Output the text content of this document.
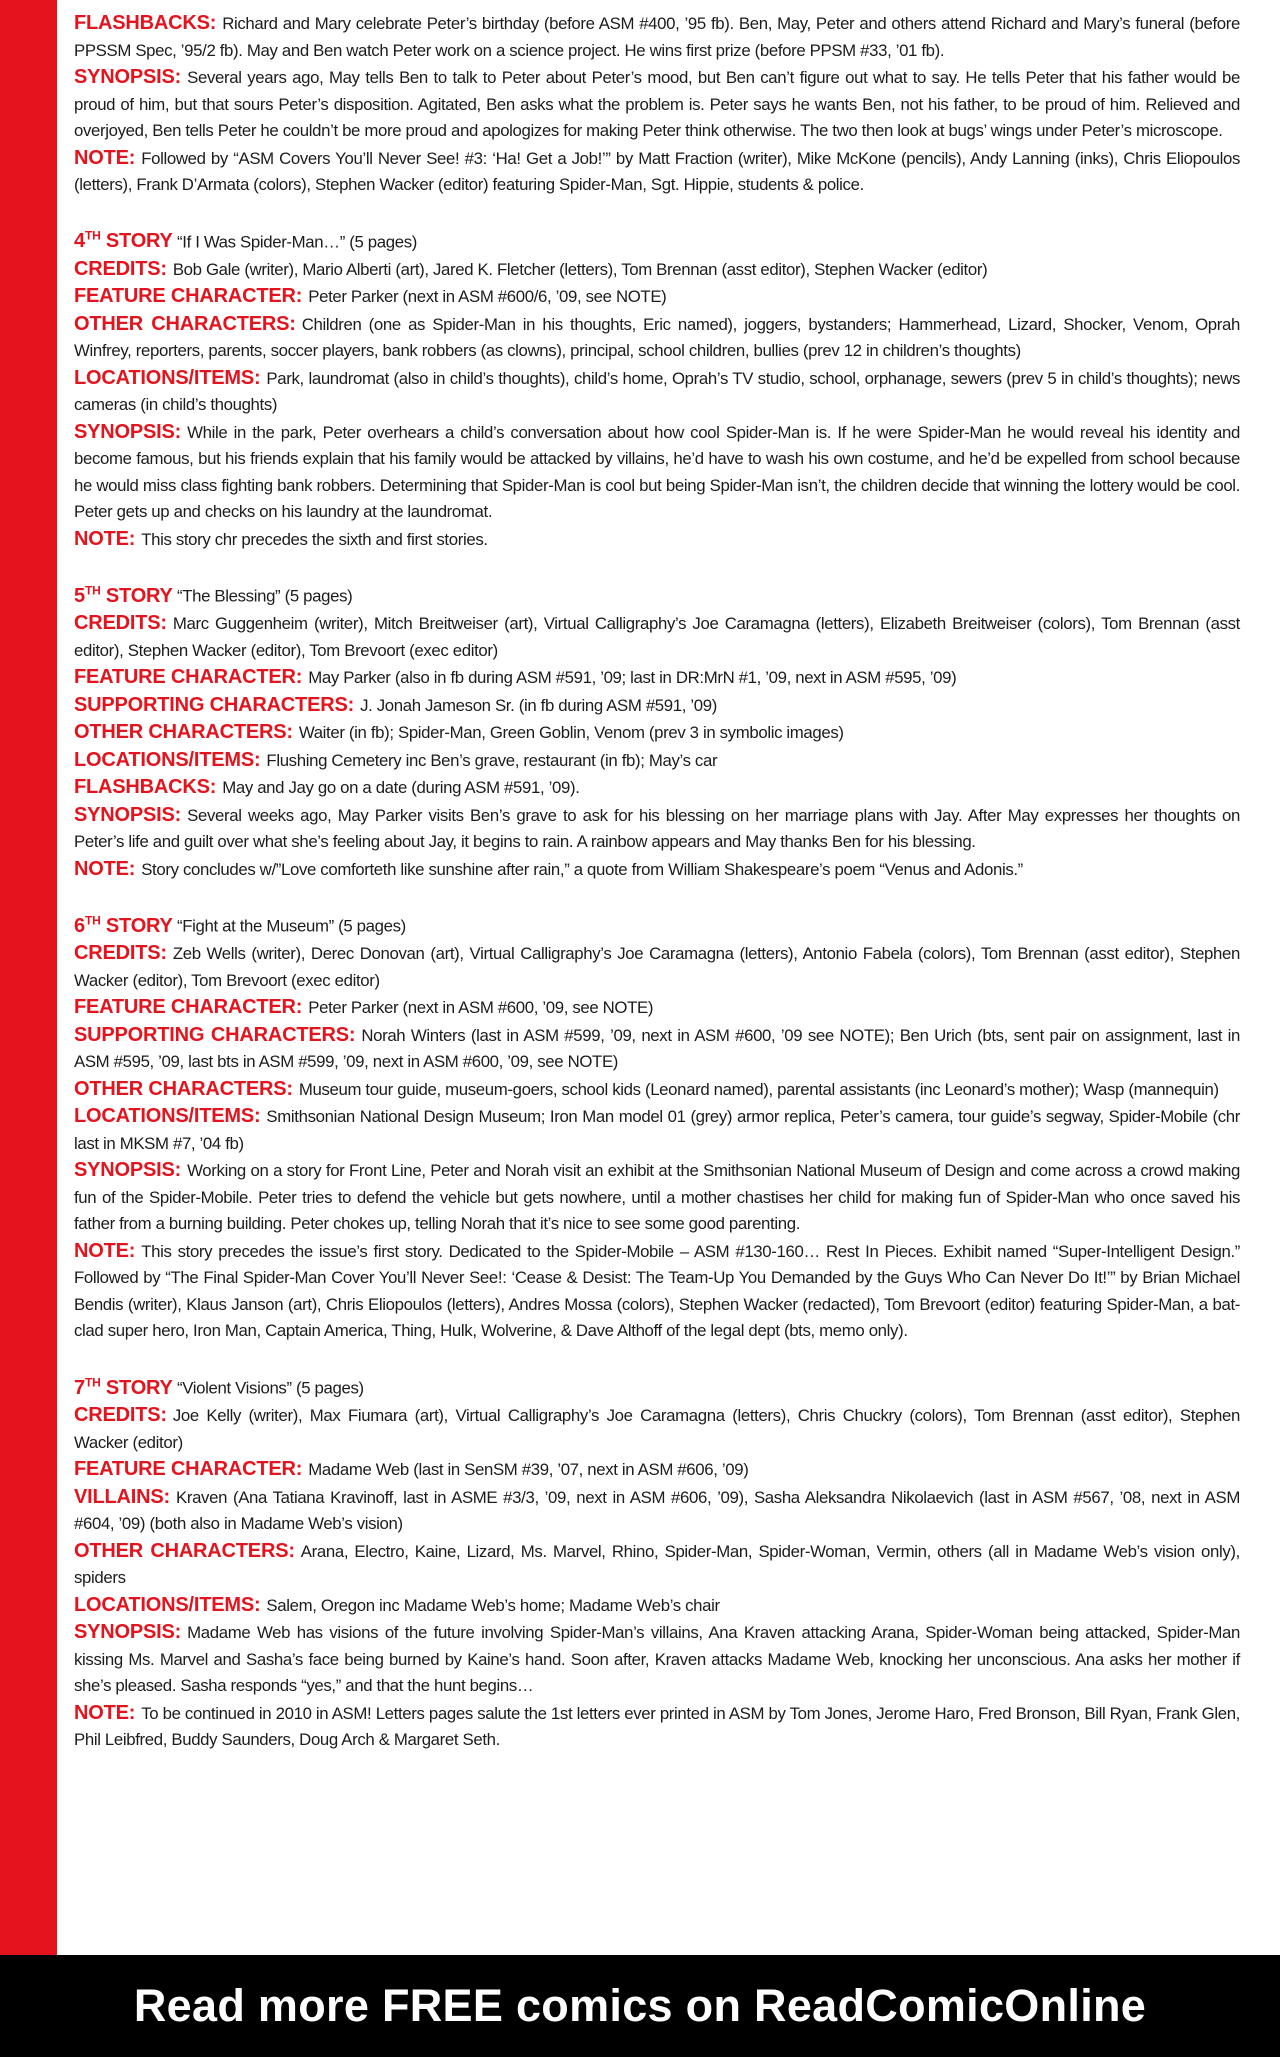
FLASHBACKS: Richard and Mary celebrate Peter’s birthday (before ASM #400, ’95 fb). Ben, May, Peter and others attend Richard and Mary’s funeral (before PPSSM Spec, ’95/2 fb). May and Ben watch Peter work on a science project. He wins first prize (before PPSM #33, ’01 fb).

SYNOPSIS: Several years ago, May tells Ben to talk to Peter about Peter’s mood, but Ben can’t figure out what to say. He tells Peter that his father would be proud of him, but that sours Peter’s disposition. Agitated, Ben asks what the problem is. Peter says he wants Ben, not his father, to be proud of him. Relieved and overjoyed, Ben tells Peter he couldn’t be more proud and apologizes for making Peter think otherwise. The two then look at bugs’ wings under Peter’s microscope.

NOTE: Followed by “ASM Covers You’ll Never See! #3: ‘Ha! Get a Job!’” by Matt Fraction (writer), Mike McKone (pencils), Andy Lanning (inks), Chris Eliopoulos (letters), Frank D’Armata (colors), Stephen Wacker (editor) featuring Spider-Man, Sgt. Hippie, students & police.

4TH STORY “If I Was Spider-Man…” (5 pages)

CREDITS: Bob Gale (writer), Mario Alberti (art), Jared K. Fletcher (letters), Tom Brennan (asst editor), Stephen Wacker (editor)

FEATURE CHARACTER: Peter Parker (next in ASM #600/6, ’09, see NOTE)

OTHER CHARACTERS: Children (one as Spider-Man in his thoughts, Eric named), joggers, bystanders; Hammerhead, Lizard, Shocker, Venom, Oprah Winfrey, reporters, parents, soccer players, bank robbers (as clowns), principal, school children, bullies (prev 12 in children’s thoughts)

LOCATIONS/ITEMS: Park, laundromat (also in child’s thoughts), child’s home, Oprah’s TV studio, school, orphanage, sewers (prev 5 in child’s thoughts); news cameras (in child’s thoughts)

SYNOPSIS: While in the park, Peter overhears a child’s conversation about how cool Spider-Man is. If he were Spider-Man he would reveal his identity and become famous, but his friends explain that his family would be attacked by villains, he’d have to wash his own costume, and he’d be expelled from school because he would miss class fighting bank robbers. Determining that Spider-Man is cool but being Spider-Man isn’t, the children decide that winning the lottery would be cool. Peter gets up and checks on his laundry at the laundromat.

NOTE: This story chr precedes the sixth and first stories.

5TH STORY “The Blessing” (5 pages)

CREDITS: Marc Guggenheim (writer), Mitch Breitweiser (art), Virtual Calligraphy’s Joe Caramagna (letters), Elizabeth Breitweiser (colors), Tom Brennan (asst editor), Stephen Wacker (editor), Tom Brevoort (exec editor)

FEATURE CHARACTER: May Parker (also in fb during ASM #591, ’09; last in DR:MrN #1, ’09, next in ASM #595, ’09)

SUPPORTING CHARACTERS: J. Jonah Jameson Sr. (in fb during ASM #591, ’09)

OTHER CHARACTERS: Waiter (in fb); Spider-Man, Green Goblin, Venom (prev 3 in symbolic images)

LOCATIONS/ITEMS: Flushing Cemetery inc Ben’s grave, restaurant (in fb); May’s car

FLASHBACKS: May and Jay go on a date (during ASM #591, ’09).

SYNOPSIS: Several weeks ago, May Parker visits Ben’s grave to ask for his blessing on her marriage plans with Jay. After May expresses her thoughts on Peter’s life and guilt over what she’s feeling about Jay, it begins to rain. A rainbow appears and May thanks Ben for his blessing.

NOTE: Story concludes w/”Love comforteth like sunshine after rain,” a quote from William Shakespeare’s poem “Venus and Adonis.”

6TH STORY “Fight at the Museum” (5 pages)

CREDITS: Zeb Wells (writer), Derec Donovan (art), Virtual Calligraphy’s Joe Caramagna (letters), Antonio Fabela (colors), Tom Brennan (asst editor), Stephen Wacker (editor), Tom Brevoort (exec editor)

FEATURE CHARACTER: Peter Parker (next in ASM #600, ’09, see NOTE)

SUPPORTING CHARACTERS: Norah Winters (last in ASM #599, ’09, next in ASM #600, ’09 see NOTE); Ben Urich (bts, sent pair on assignment, last in ASM #595, ’09, last bts in ASM #599, ’09, next in ASM #600, ’09, see NOTE)

OTHER CHARACTERS: Museum tour guide, museum-goers, school kids (Leonard named), parental assistants (inc Leonard’s mother); Wasp (mannequin)

LOCATIONS/ITEMS: Smithsonian National Design Museum; Iron Man model 01 (grey) armor replica, Peter’s camera, tour guide’s segway, Spider-Mobile (chr last in MKSM #7, ’04 fb)

SYNOPSIS: Working on a story for Front Line, Peter and Norah visit an exhibit at the Smithsonian National Museum of Design and come across a crowd making fun of the Spider-Mobile. Peter tries to defend the vehicle but gets nowhere, until a mother chastises her child for making fun of Spider-Man who once saved his father from a burning building. Peter chokes up, telling Norah that it’s nice to see some good parenting.

NOTE: This story precedes the issue’s first story. Dedicated to the Spider-Mobile – ASM #130-160… Rest In Pieces. Exhibit named “Super-Intelligent Design.” Followed by “The Final Spider-Man Cover You’ll Never See!: ‘Cease & Desist: The Team-Up You Demanded by the Guys Who Can Never Do It!’” by Brian Michael Bendis (writer), Klaus Janson (art), Chris Eliopoulos (letters), Andres Mossa (colors), Stephen Wacker (redacted), Tom Brevoort (editor) featuring Spider-Man, a bat-clad super hero, Iron Man, Captain America, Thing, Hulk, Wolverine, & Dave Althoff of the legal dept (bts, memo only).

7TH STORY “Violent Visions” (5 pages)

CREDITS: Joe Kelly (writer), Max Fiumara (art), Virtual Calligraphy’s Joe Caramagna (letters), Chris Chuckry (colors), Tom Brennan (asst editor), Stephen Wacker (editor)

FEATURE CHARACTER: Madame Web (last in SenSM #39, ’07, next in ASM #606, ’09)

VILLAINS: Kraven (Ana Tatiana Kravinoff, last in ASME #3/3, ’09, next in ASM #606, ’09), Sasha Aleksandra Nikolaevich (last in ASM #567, ’08, next in ASM #604, ’09) (both also in Madame Web’s vision)

OTHER CHARACTERS: Arana, Electro, Kaine, Lizard, Ms. Marvel, Rhino, Spider-Man, Spider-Woman, Vermin, others (all in Madame Web’s vision only), spiders

LOCATIONS/ITEMS: Salem, Oregon inc Madame Web’s home; Madame Web’s chair

SYNOPSIS: Madame Web has visions of the future involving Spider-Man’s villains, Ana Kraven attacking Arana, Spider-Woman being attacked, Spider-Man kissing Ms. Marvel and Sasha’s face being burned by Kaine’s hand. Soon after, Kraven attacks Madame Web, knocking her unconscious. Ana asks her mother if she’s pleased. Sasha responds “yes,” and that the hunt begins…

NOTE: To be continued in 2010 in ASM! Letters pages salute the 1st letters ever printed in ASM by Tom Jones, Jerome Haro, Fred Bronson, Bill Ryan, Frank Glen, Phil Leibfred, Buddy Saunders, Doug Arch & Margaret Seth.

Read more FREE comics on ReadComicOnline
